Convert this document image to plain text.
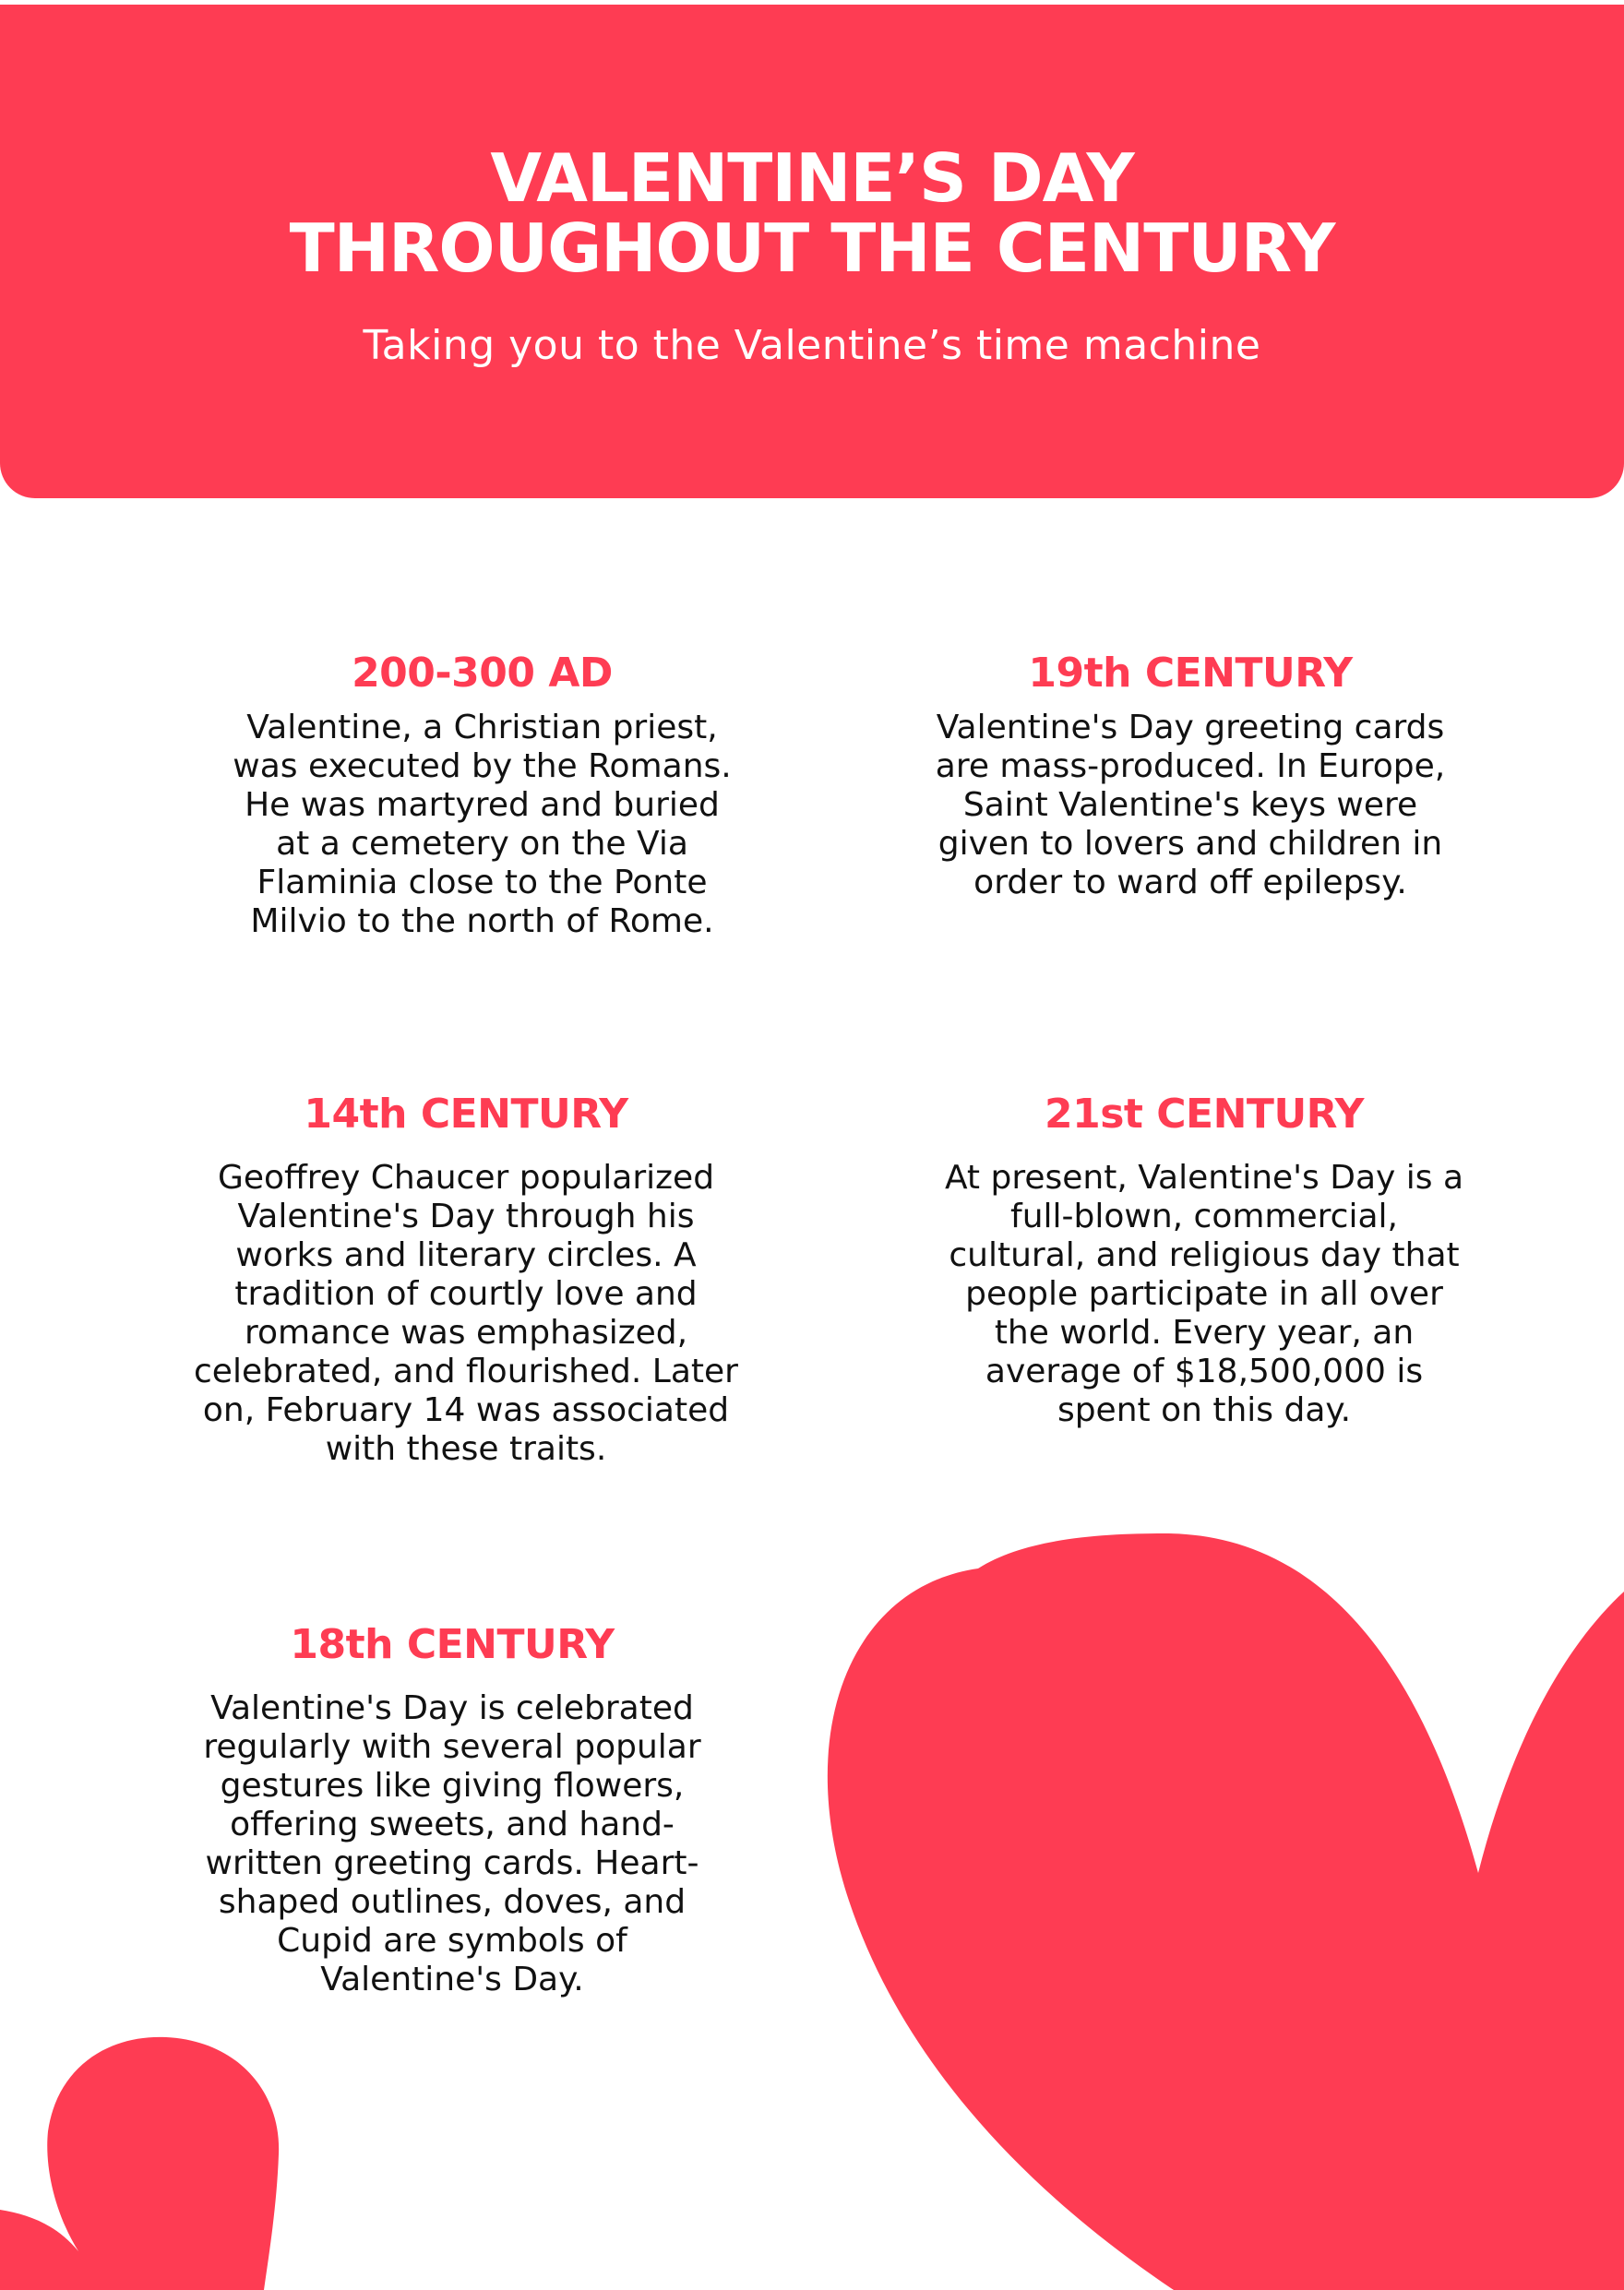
VALENTINE’S DAY
THROUGHOUT THE CENTURY
Taking you to the Valentine’s time machine
200-300 AD

Valentine, a Christian priest,
was executed by the Romans.
He was martyred and buried
at a cemetery on the Via
Flaminia close to the Ponte
Milvio to the north of Rome.

19th CENTURY

Valentine's Day greeting cards
are mass-produced. In Europe,
Saint Valentine's keys were
given to lovers and children in
order to ward off epilepsy.

14th CENTURY

Geoffrey Chaucer popularized
Valentine's Day through his
works and literary circles. A
tradition of courtly love and
romance was emphasized,
celebrated, and flourished. Later
on, February 14 was associated
with these traits.

21st CENTURY

At present, Valentine's Day is a
full-blown, commercial,
cultural, and religious day that
people participate in all over
the world. Every year, an
average of $18,500,000 is
spent on this day.

18th CENTURY

Valentine's Day is celebrated
regularly with several popular
gestures like giving flowers,
offering sweets, and hand-
written greeting cards. Heart-
shaped outlines, doves, and
Cupid are symbols of
Valentine's Day.
